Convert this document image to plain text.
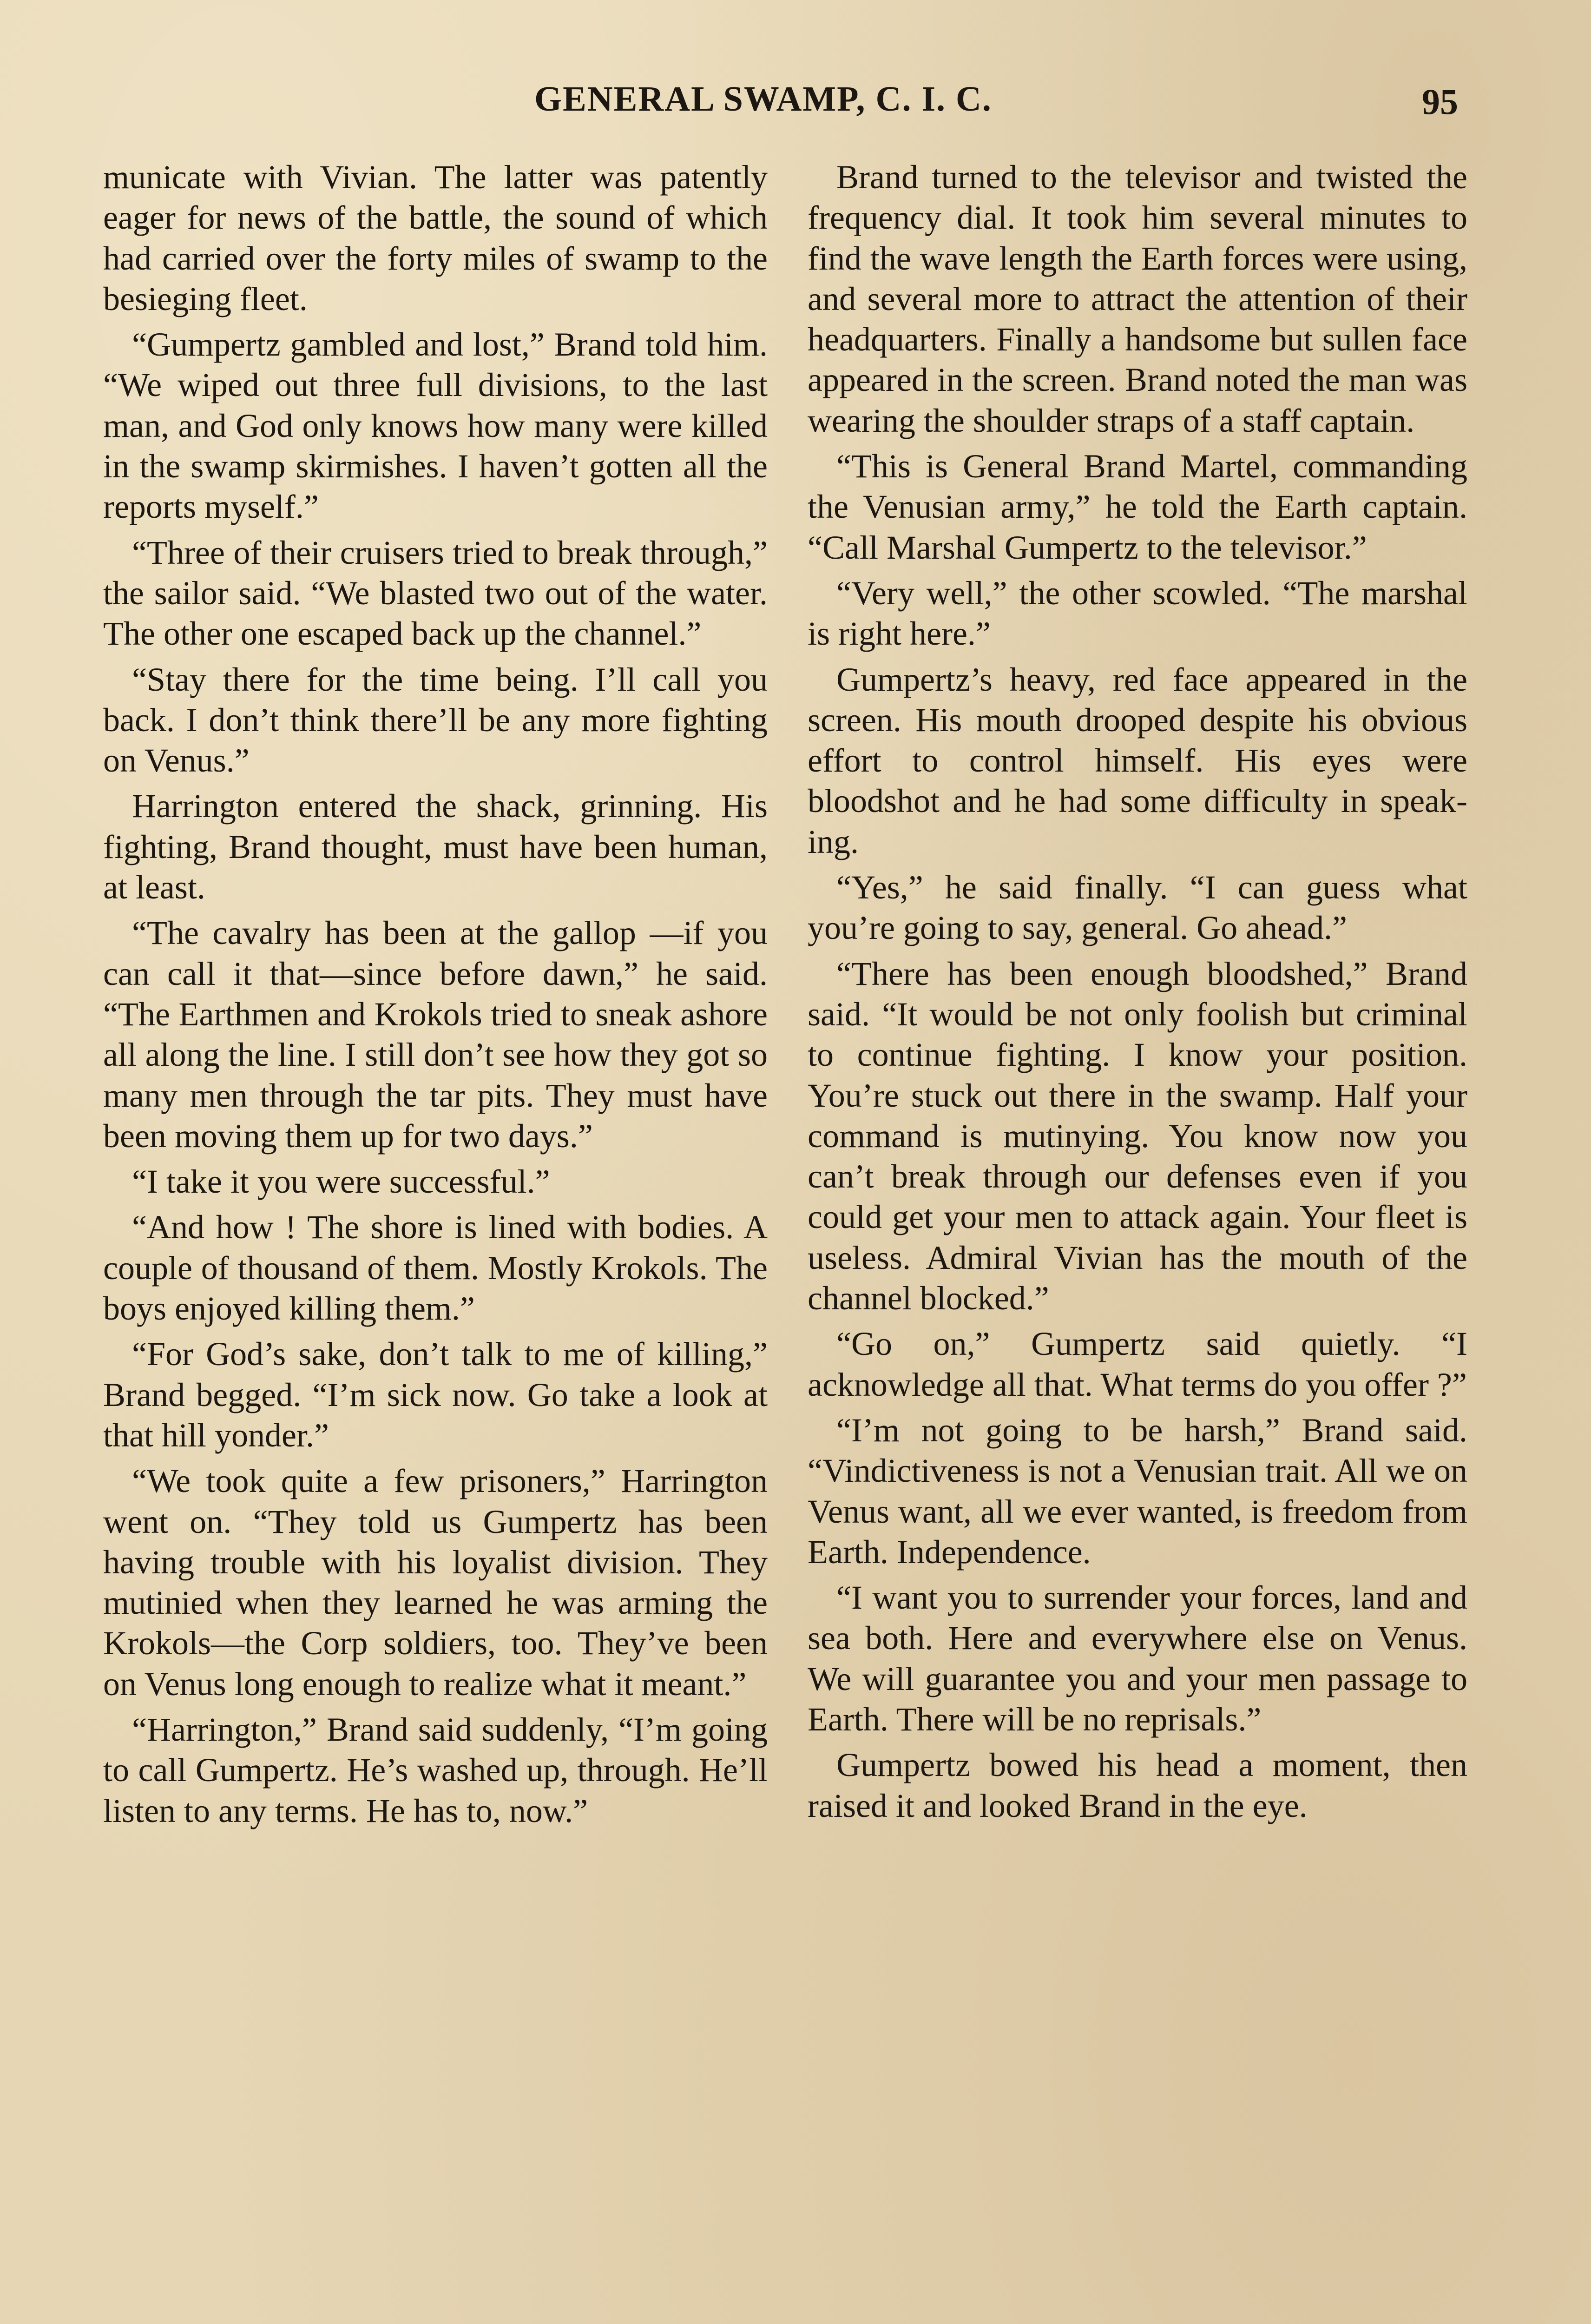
GENERAL SWAMP, C. I. C.	95

municate with Vivian. The latter was patently eager for news of the battle, the sound of which had carried over the forty miles of swamp to the besieging fleet.

“Gumpertz gambled and lost,” Brand told him. “We wiped out three full divisions, to the last man, and God only knows how many were killed in the swamp skirmishes. I haven’t gotten all the reports myself.”

“Three of their cruisers tried to break through,” the sailor said. “We blasted two out of the water. The other one escaped back up the channel.”

“Stay there for the time being. I’ll call you back. I don’t think there’ll be any more fighting on Venus.”

Harrington entered the shack, grinning. His fighting, Brand thought, must have been human, at least.

“The cavalry has been at the gallop —if you can call it that—since before dawn,” he said. “The Earthmen and Krokols tried to sneak ashore all along the line. I still don’t see how they got so many men through the tar pits. They must have been moving them up for two days.”

“I take it you were successful.”

“And how ! The shore is lined with bodies. A couple of thousand of them. Mostly Krokols. The boys enjoyed killing them.”

“For God’s sake, don’t talk to me of killing,” Brand begged. “I’m sick now. Go take a look at that hill yonder.”

“We took quite a few prisoners,” Harrington went on. “They told us Gumpertz has been having trouble with his loyalist division. They mutinied when they learned he was arming the Krokols—the Corp soldiers, too. They’ve been on Venus long enough to realize what it meant.”

“Harrington,” Brand said suddenly, “I’m going to call Gumpertz. He’s washed up, through. He’ll listen to any terms. He has to, now.”

Brand turned to the televisor and twisted the frequency dial. It took him several minutes to find the wave length the Earth forces were using, and several more to attract the attention of their headquarters. Finally a handsome but sullen face appeared in the screen. Brand noted the man was wearing the shoulder straps of a staff captain.

“This is General Brand Martel, commanding the Venusian army,” he told the Earth captain. “Call Marshal Gumpertz to the televisor.”

“Very well,” the other scowled. “The marshal is right here.”

Gumpertz’s heavy, red face appeared in the screen. His mouth drooped despite his obvious effort to control himself. His eyes were bloodshot and he had some difficulty in speaking.

“Yes,” he said finally. “I can guess what you’re going to say, general. Go ahead.”

“There has been enough bloodshed,” Brand said. “It would be not only foolish but criminal to continue fighting. I know your position. You’re stuck out there in the swamp. Half your command is mutinying. You know now you can’t break through our defenses even if you could get your men to attack again. Your fleet is useless. Admiral Vivian has the mouth of the channel blocked.”

“Go on,” Gumpertz said quietly. “I acknowledge all that. What terms do you offer ?”

“I’m not going to be harsh,” Brand said. “Vindictiveness is not a Venusian trait. All we on Venus want, all we ever wanted, is freedom from Earth. Independence.

“I want you to surrender your forces, land and sea both. Here and everywhere else on Venus. We will guarantee you and your men passage to Earth. There will be no reprisals.”

Gumpertz bowed his head a moment, then raised it and looked Brand in the eye.
